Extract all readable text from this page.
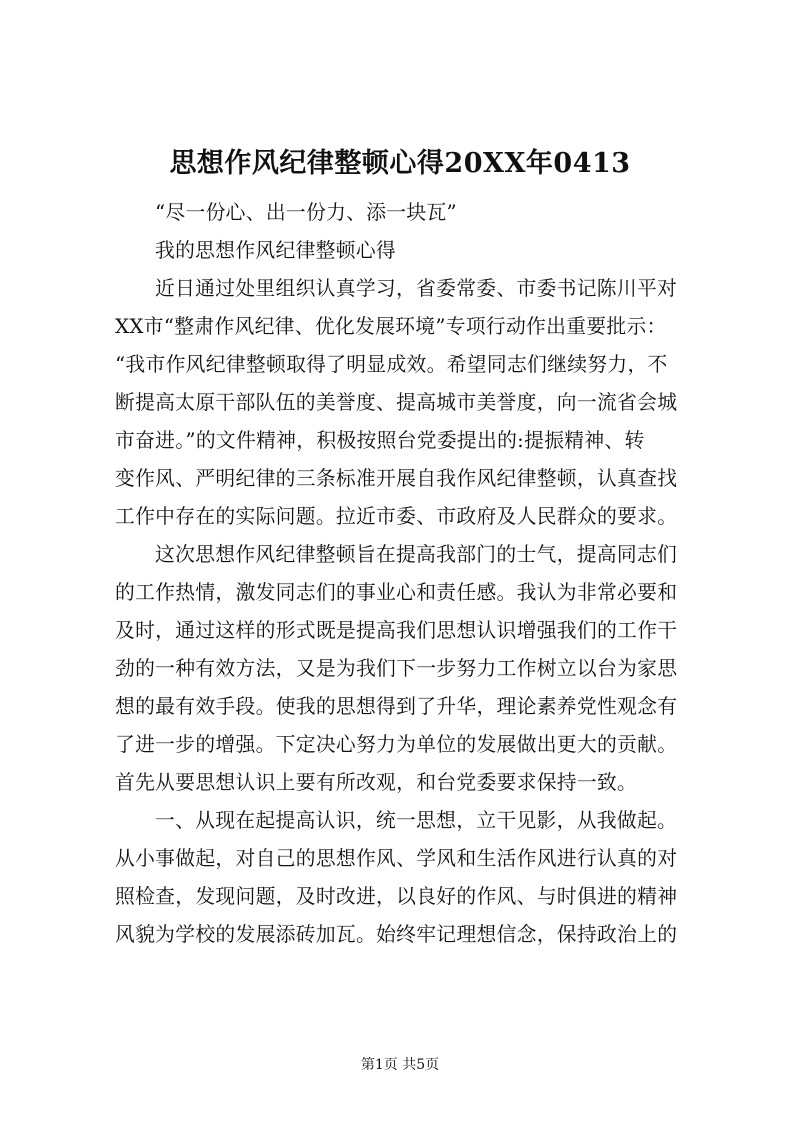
思想作风纪律整顿心得20XX年0413

“尽一份心、出一份力、添一块瓦”

我的思想作风纪律整顿心得

近日通过处里组织认真学习，省委常委、市委书记陈川平对
XX市“整肃作风纪律、优化发展环境”专项行动作出重要批示：
“我市作风纪律整顿取得了明显成效。希望同志们继续努力，不
断提高太原干部队伍的美誉度、提高城市美誉度，向一流省会城
市奋进。”的文件精神，积极按照台党委提出的:提振精神、转
变作风、严明纪律的三条标准开展自我作风纪律整顿，认真查找
工作中存在的实际问题。拉近市委、市政府及人民群众的要求。

这次思想作风纪律整顿旨在提高我部门的士气，提高同志们
的工作热情，激发同志们的事业心和责任感。我认为非常必要和
及时，通过这样的形式既是提高我们思想认识增强我们的工作干
劲的一种有效方法，又是为我们下一步努力工作树立以台为家思
想的最有效手段。使我的思想得到了升华，理论素养党性观念有
了进一步的增强。下定决心努力为单位的发展做出更大的贡献。
首先从要思想认识上要有所改观，和台党委要求保持一致。

一、从现在起提高认识，统一思想，立干见影，从我做起。
从小事做起，对自己的思想作风、学风和生活作风进行认真的对
照检查，发现问题，及时改进，以良好的作风、与时俱进的精神
风貌为学校的发展添砖加瓦。始终牢记理想信念，保持政治上的

第1页 共5页
